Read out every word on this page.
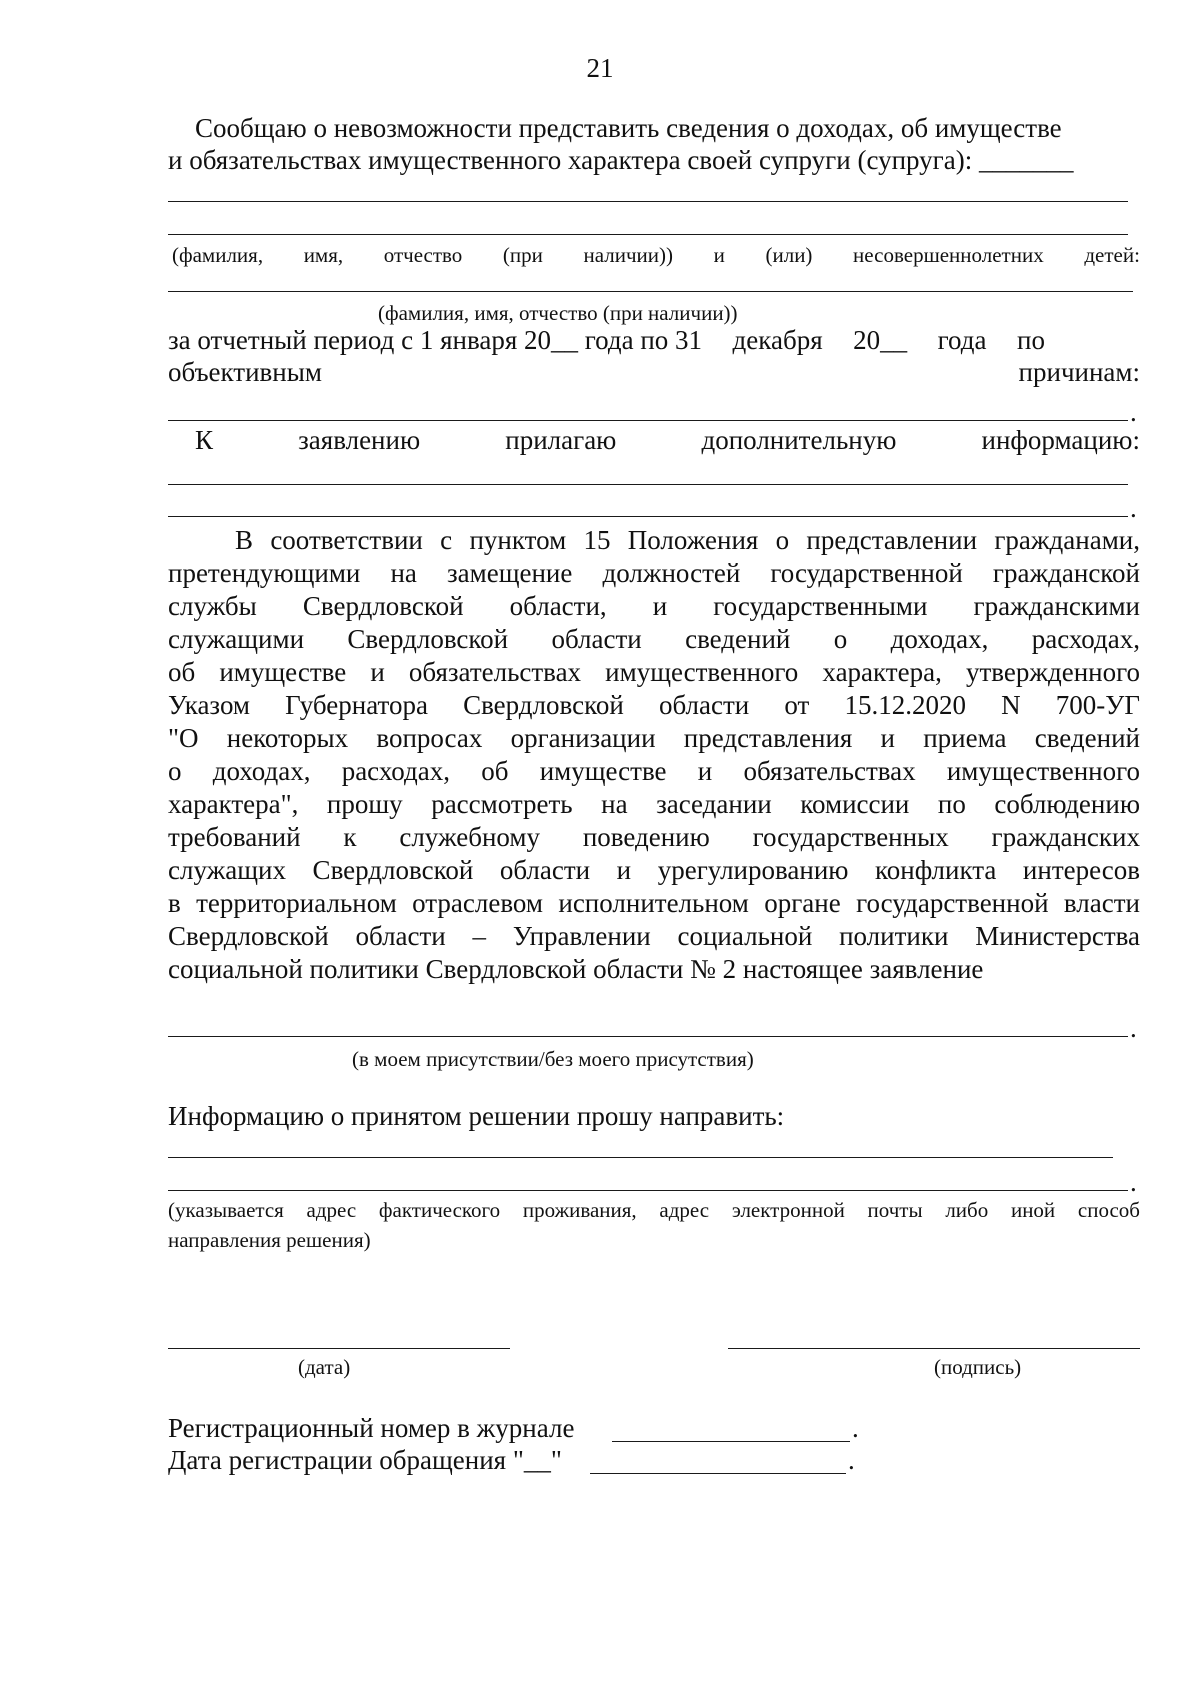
21
Сообщаю о невозможности представить сведения о доходах, об имуществе
и обязательствах имущественного характера своей супруги (супруга): _______
(фамилия, имя, отчество (при наличии)) и (или) несовершеннолетних детей:
(фамилия, имя, отчество (при наличии))
за отчетный период с 1 января 20__ года по 31 декабря 20__ года по
объективным	причинам:
.
К	заявлению	прилагаю	дополнительную	информацию:
.
В соответствии с пунктом 15 Положения о представлении гражданами,
претендующими на замещение должностей государственной гражданской
службы Свердловской области, и государственными гражданскими
служащими Свердловской области сведений о доходах, расходах,
об имуществе и обязательствах имущественного характера, утвержденного
Указом Губернатора Свердловской области от 15.12.2020 N 700-УГ
"О некоторых вопросах организации представления и приема сведений
о доходах, расходах, об имуществе и обязательствах имущественного
характера", прошу рассмотреть на заседании комиссии по соблюдению
требований к служебному поведению государственных гражданских
служащих Свердловской области и урегулированию конфликта интересов
в территориальном отраслевом исполнительном органе государственной власти
Свердловской области – Управлении социальной политики Министерства
социальной политики Свердловской области № 2 настоящее заявление
.
(в моем присутствии/без моего присутствия)
Информацию о принятом решении прошу направить:
.
(указывается адрес фактического проживания, адрес электронной почты либо иной способ
направления решения)
(дата)	(подпись)
Регистрационный номер в журнале	.
Дата регистрации обращения "__"	.
